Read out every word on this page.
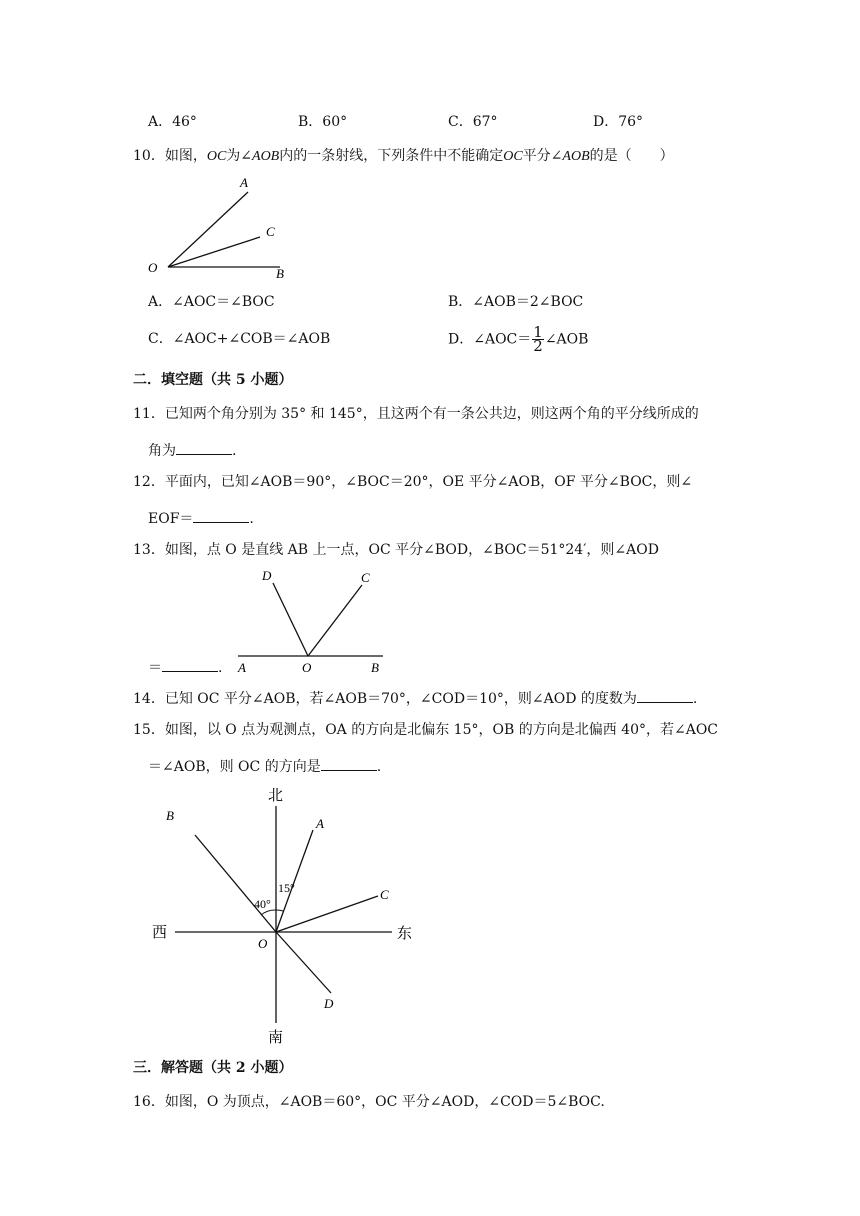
A．46°	B．60°	C．67°	D．76°
10．如图，OC为∠AOB内的一条射线，下列条件中不能确定OC平分∠AOB的是（　　）
A
C
O	B
A．∠AOC＝∠BOC	B．∠AOB＝2∠BOC
C．∠AOC+∠COB＝∠AOB	D．∠AOC＝ $\frac{1}{2}$ ∠AOB
二．填空题（共 5 小题）
11．已知两个角分别为 35° 和 145°，且这两个有一条公共边，则这两个角的平分线所成的
角为	.
12．平面内，已知∠AOB＝90°，∠BOC＝20°，OE 平分∠AOB，OF 平分∠BOC，则∠
EOF＝	.
13．如图，点 O 是直线 AB 上一点，OC 平分∠BOD，∠BOC＝51°24′，则∠AOD
D	C
A	O	B
＝	.
14．已知 OC 平分∠AOB，若∠AOB＝70°，∠COD＝10°，则∠AOD 的度数为	.
15．如图，以 O 点为观测点，OA 的方向是北偏东 15°，OB 的方向是北偏西 40°，若∠AOC
＝∠AOB，则 OC 的方向是	.
北
南
西	东
B
A
C
D
O
40°
15°
三．解答题（共 2 小题）
16．如图，O 为顶点，∠AOB＝60°，OC 平分∠AOD，∠COD＝5∠BOC.
